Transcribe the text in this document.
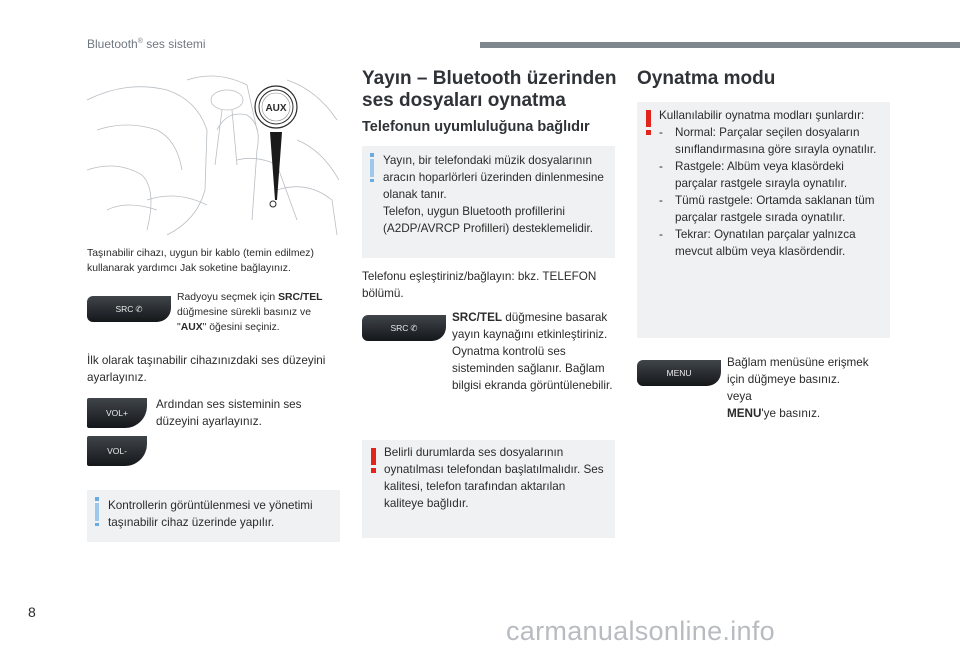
Bluetooth® ses sistemi
AUX
Taşınabilir cihazı, uygun bir kablo (temin edilmez) kullanarak yardımcı Jak soketine bağlayınız.
SRC ✆
Radyoyu seçmek için SRC/TEL düğmesine sürekli basınız ve "AUX" öğesini seçiniz.
İlk olarak taşınabilir cihazınızdaki ses düzeyini ayarlayınız.
VOL+
VOL-
Ardından ses sisteminin ses düzeyini ayarlayınız.
Kontrollerin görüntülenmesi ve yönetimi taşınabilir cihaz üzerinde yapılır.
Yayın – Bluetooth üzerinden ses dosyaları oynatma
Telefonun uyumluluğuna bağlıdır
Yayın, bir telefondaki müzik dosyalarının aracın hoparlörleri üzerinden dinlenmesine olanak tanır.
Telefon, uygun Bluetooth profillerini (A2DP/AVRCP Profilleri) desteklemelidir.
Telefonu eşleştiriniz/bağlayın: bkz. TELEFON bölümü.
SRC ✆
SRC/TEL düğmesine basarak yayın kaynağını etkinleştiriniz. Oynatma kontrolü ses sisteminden sağlanır. Bağlam bilgisi ekranda görüntülenebilir.
Belirli durumlarda ses dosyalarının oynatılması telefondan başlatılmalıdır. Ses kalitesi, telefon tarafından aktarılan kaliteye bağlıdır.
Oynatma modu
Kullanılabilir oynatma modları şunlardır:
- Normal: Parçalar seçilen dosyaların sınıflandırmasına göre sırayla oynatılır.
- Rastgele: Albüm veya klasördeki parçalar rastgele sırayla oynatılır.
- Tümü rastgele: Ortamda saklanan tüm parçalar rastgele sırada oynatılır.
- Tekrar: Oynatılan parçalar yalnızca mevcut albüm veya klasördendir.
MENU
Bağlam menüsüne erişmek için düğmeye basınız.
veya
MENU'ye basınız.
8
carmanualsonline.info
